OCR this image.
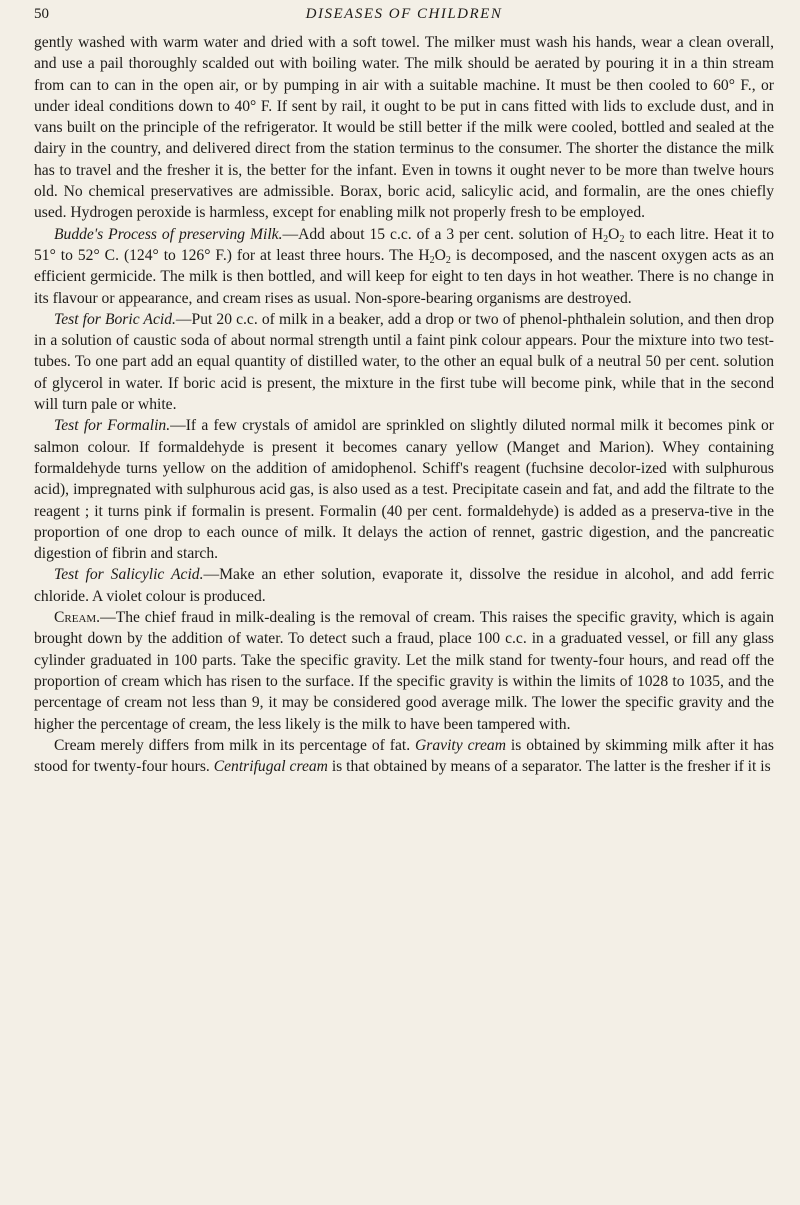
50	DISEASES OF CHILDREN

gently washed with warm water and dried with a soft towel. The milker must wash his hands, wear a clean overall, and use a pail thoroughly scalded out with boiling water. The milk should be aerated by pouring it in a thin stream from can to can in the open air, or by pumping in air with a suitable machine. It must be then cooled to 60° F., or under ideal conditions down to 40° F. If sent by rail, it ought to be put in cans fitted with lids to exclude dust, and in vans built on the principle of the refrigerator. It would be still better if the milk were cooled, bottled and sealed at the dairy in the country, and delivered direct from the station terminus to the consumer. The shorter the distance the milk has to travel and the fresher it is, the better for the infant. Even in towns it ought never to be more than twelve hours old. No chemical preservatives are admissible. Borax, boric acid, salicylic acid, and formalin, are the ones chiefly used. Hydrogen peroxide is harmless, except for enabling milk not properly fresh to be employed.

Budde's Process of preserving Milk.—Add about 15 c.c. of a 3 per cent. solution of $H_2O_2$ to each litre. Heat it to 51° to 52° C. (124° to 126° F.) for at least three hours. The $H_2O_2$ is decomposed, and the nascent oxygen acts as an efficient germicide. The milk is then bottled, and will keep for eight to ten days in hot weather. There is no change in its flavour or appearance, and cream rises as usual. Non-spore-bearing organisms are destroyed.

Test for Boric Acid.—Put 20 c.c. of milk in a beaker, add a drop or two of phenol-phthalein solution, and then drop in a solution of caustic soda of about normal strength until a faint pink colour appears. Pour the mixture into two test-tubes. To one part add an equal quantity of distilled water, to the other an equal bulk of a neutral 50 per cent. solution of glycerol in water. If boric acid is present, the mixture in the first tube will become pink, while that in the second will turn pale or white.

Test for Formalin.—If a few crystals of amidol are sprinkled on slightly diluted normal milk it becomes pink or salmon colour. If formaldehyde is present it becomes canary yellow (Manget and Marion). Whey containing formaldehyde turns yellow on the addition of amidophenol. Schiff's reagent (fuchsine decolor-ized with sulphurous acid), impregnated with sulphurous acid gas, is also used as a test. Precipitate casein and fat, and add the filtrate to the reagent ; it turns pink if formalin is present. Formalin (40 per cent. formaldehyde) is added as a preserva-tive in the proportion of one drop to each ounce of milk. It delays the action of rennet, gastric digestion, and the pancreatic digestion of fibrin and starch.

Test for Salicylic Acid.—Make an ether solution, evaporate it, dissolve the residue in alcohol, and add ferric chloride. A violet colour is produced.

Cream.—The chief fraud in milk-dealing is the removal of cream. This raises the specific gravity, which is again brought down by the addition of water. To detect such a fraud, place 100 c.c. in a graduated vessel, or fill any glass cylinder graduated in 100 parts. Take the specific gravity. Let the milk stand for twenty-four hours, and read off the proportion of cream which has risen to the surface. If the specific gravity is within the limits of 1028 to 1035, and the percentage of cream not less than 9, it may be considered good average milk. The lower the specific gravity and the higher the percentage of cream, the less likely is the milk to have been tampered with.

Cream merely differs from milk in its percentage of fat. Gravity cream is obtained by skimming milk after it has stood for twenty-four hours. Centrifugal cream is that obtained by means of a separator. The latter is the fresher if it is
